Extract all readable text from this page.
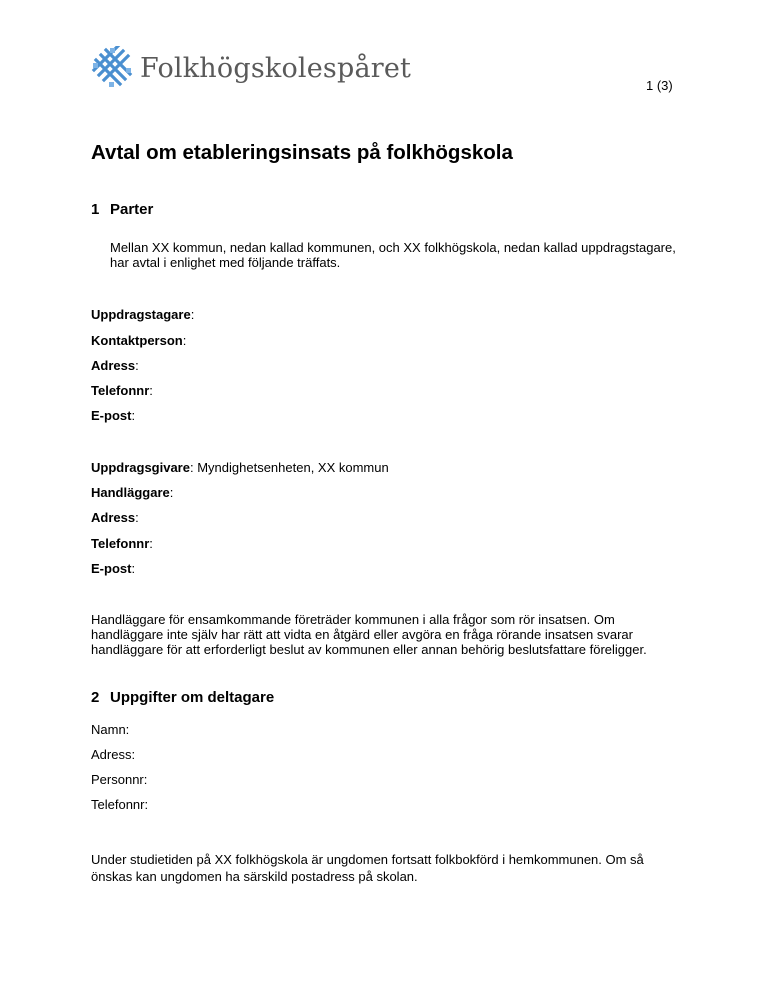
Folkhögskolespåret
1 (3)
Avtal om etableringsinsats på folkhögskola
1 Parter

Mellan XX kommun, nedan kallad kommunen, och XX folkhögskola, nedan kallad uppdragstagare,
har avtal i enlighet med följande träffats.

Uppdragstagare:
Kontaktperson:
Adress:
Telefonnr:
E-post:
Uppdragsgivare: Myndighetsenheten, XX kommun
Handläggare:
Adress:
Telefonnr:
E-post:

Handläggare för ensamkommande företräder kommunen i alla frågor som rör insatsen. Om
handläggare inte själv har rätt att vidta en åtgärd eller avgöra en fråga rörande insatsen svarar
handläggare för att erforderligt beslut av kommunen eller annan behörig beslutsfattare föreligger.

2 Uppgifter om deltagare
Namn:
Adress:
Personnr:
Telefonnr:

Under studietiden på XX folkhögskola är ungdomen fortsatt folkbokförd i hemkommunen. Om så
önskas kan ungdomen ha särskild postadress på skolan.
